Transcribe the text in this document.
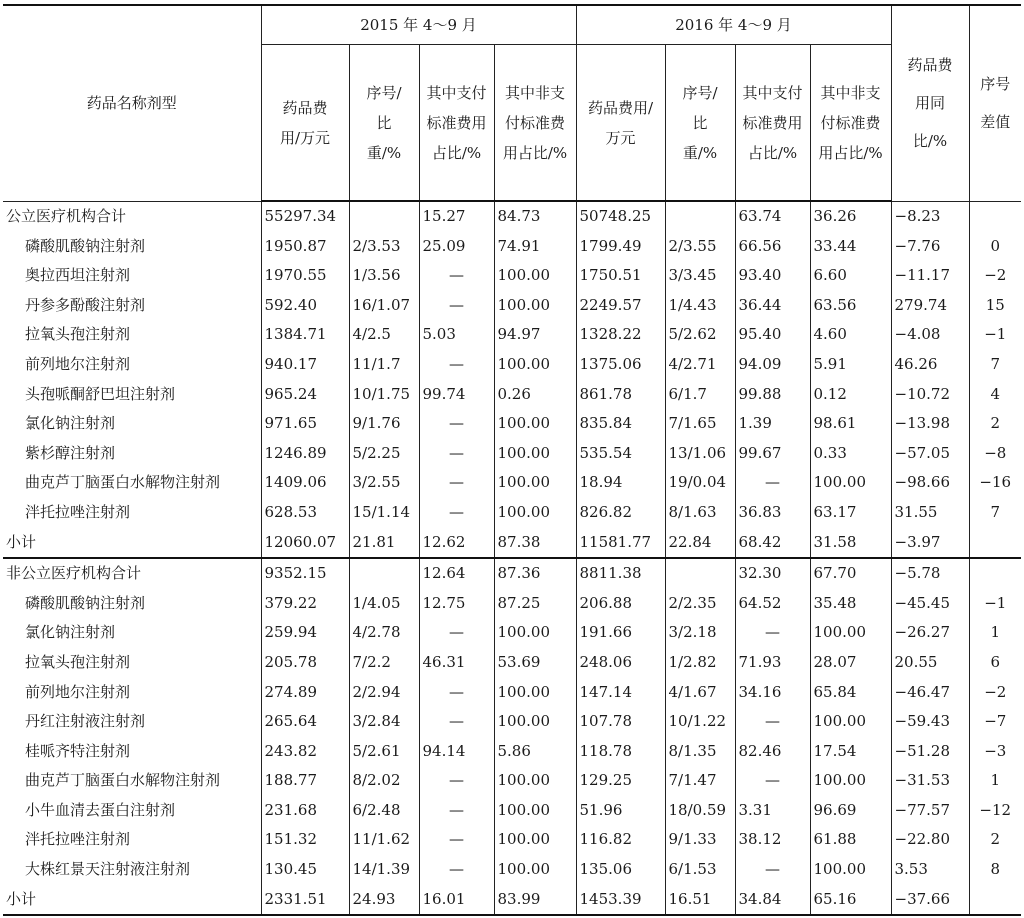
药品名称剂型	2015 年 4～9 月				2016 年 4～9 月				药品费用同比/%	序号差值
	药品费用/万元	序号/比重/%	其中支付标准费用占比/%	其中非支付标准费用占比/%	药品费用/万元	序号/比重/%	其中支付标准费用占比/%	其中非支付标准费用占比/%		
公立医疗机构合计	55297.34		15.27	84.73	50748.25		63.74	36.26	−8.23	
磷酸肌酸钠注射剂	1950.87	2/3.53	25.09	74.91	1799.49	2/3.55	66.56	33.44	−7.76	0
奥拉西坦注射剂	1970.55	1/3.56	—	100.00	1750.51	3/3.45	93.40	6.60	−11.17	−2
丹参多酚酸注射剂	592.40	16/1.07	—	100.00	2249.57	1/4.43	36.44	63.56	279.74	15
拉氧头孢注射剂	1384.71	4/2.5	5.03	94.97	1328.22	5/2.62	95.40	4.60	−4.08	−1
前列地尔注射剂	940.17	11/1.7	—	100.00	1375.06	4/2.71	94.09	5.91	46.26	7
头孢哌酮舒巴坦注射剂	965.24	10/1.75	99.74	0.26	861.78	6/1.7	99.88	0.12	−10.72	4
氯化钠注射剂	971.65	9/1.76	—	100.00	835.84	7/1.65	1.39	98.61	−13.98	2
紫杉醇注射剂	1246.89	5/2.25	—	100.00	535.54	13/1.06	99.67	0.33	−57.05	−8
曲克芦丁脑蛋白水解物注射剂	1409.06	3/2.55	—	100.00	18.94	19/0.04	—	100.00	−98.66	−16
泮托拉唑注射剂	628.53	15/1.14	—	100.00	826.82	8/1.63	36.83	63.17	31.55	7
小计	12060.07	21.81	12.62	87.38	11581.77	22.84	68.42	31.58	−3.97	
非公立医疗机构合计	9352.15		12.64	87.36	8811.38		32.30	67.70	−5.78	
磷酸肌酸钠注射剂	379.22	1/4.05	12.75	87.25	206.88	2/2.35	64.52	35.48	−45.45	−1
氯化钠注射剂	259.94	4/2.78	—	100.00	191.66	3/2.18	—	100.00	−26.27	1
拉氧头孢注射剂	205.78	7/2.2	46.31	53.69	248.06	1/2.82	71.93	28.07	20.55	6
前列地尔注射剂	274.89	2/2.94	—	100.00	147.14	4/1.67	34.16	65.84	−46.47	−2
丹红注射液注射剂	265.64	3/2.84	—	100.00	107.78	10/1.22	—	100.00	−59.43	−7
桂哌齐特注射剂	243.82	5/2.61	94.14	5.86	118.78	8/1.35	82.46	17.54	−51.28	−3
曲克芦丁脑蛋白水解物注射剂	188.77	8/2.02	—	100.00	129.25	7/1.47	—	100.00	−31.53	1
小牛血清去蛋白注射剂	231.68	6/2.48	—	100.00	51.96	18/0.59	3.31	96.69	−77.57	−12
泮托拉唑注射剂	151.32	11/1.62	—	100.00	116.82	9/1.33	38.12	61.88	−22.80	2
大株红景天注射液注射剂	130.45	14/1.39	—	100.00	135.06	6/1.53	—	100.00	3.53	8
小计	2331.51	24.93	16.01	83.99	1453.39	16.51	34.84	65.16	−37.66	
